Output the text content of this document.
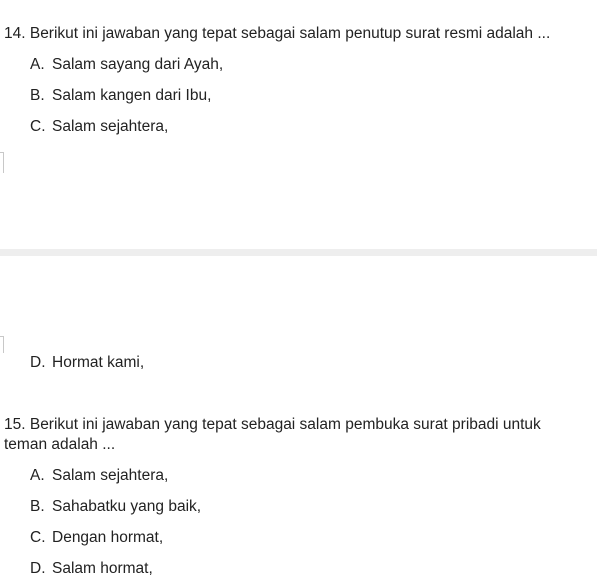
14. Berikut ini jawaban yang tepat sebagai salam penutup surat resmi adalah ...
A. Salam sayang dari Ayah,
B. Salam kangen dari Ibu,
C. Salam sejahtera,
D. Hormat kami,
15. Berikut ini jawaban yang tepat sebagai salam pembuka surat pribadi untuk teman adalah ...
A. Salam sejahtera,
B. Sahabatku yang baik,
C. Dengan hormat,
D. Salam hormat,
